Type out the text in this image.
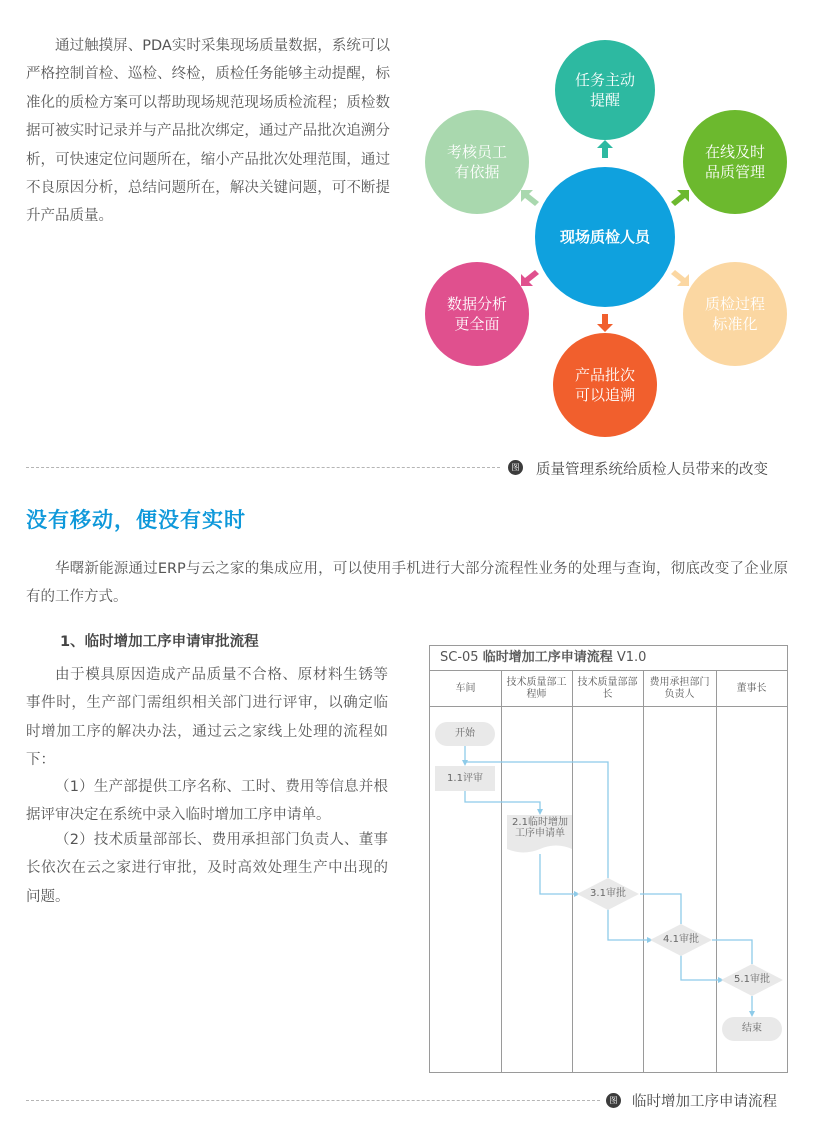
通过触摸屏、PDA实时采集现场质量数据，系统可以严格控制首检、巡检、终检，质检任务能够主动提醒，标准化的质检方案可以帮助现场规范现场质检流程；质检数据可被实时记录并与产品批次绑定，通过产品批次追溯分析，可快速定位问题所在，缩小产品批次处理范围，通过不良原因分析，总结问题所在，解决关键问题，可不断提升产品质量。

现场质检人员
任务主动提醒
在线及时品质管理
质检过程标准化
产品批次可以追溯
数据分析更全面
考核员工有依据
图 质量管理系统给质检人员带来的改变
没有移动，便没有实时

华曙新能源通过ERP与云之家的集成应用，可以使用手机进行大部分流程性业务的处理与查询，彻底改变了企业原有的工作方式。

1、临时增加工序申请审批流程

由于模具原因造成产品质量不合格、原材料生锈等事件时，生产部门需组织相关部门进行评审，以确定临时增加工序的解决办法，通过云之家线上处理的流程如下：

（1）生产部提供工序名称、工时、费用等信息并根据评审决定在系统中录入临时增加工序申请单。

（2）技术质量部部长、费用承担部门负责人、董事长依次在云之家进行审批，及时高效处理生产中出现的问题。

SC-05 临时增加工序申请流程 V1.0
车间
技术质量部工程师
技术质量部部长
费用承担部门负责人
董事长
开始
1.1评审
2.1临时增加工序申请单
3.1审批
4.1审批
5.1审批
结束
图 临时增加工序申请流程
